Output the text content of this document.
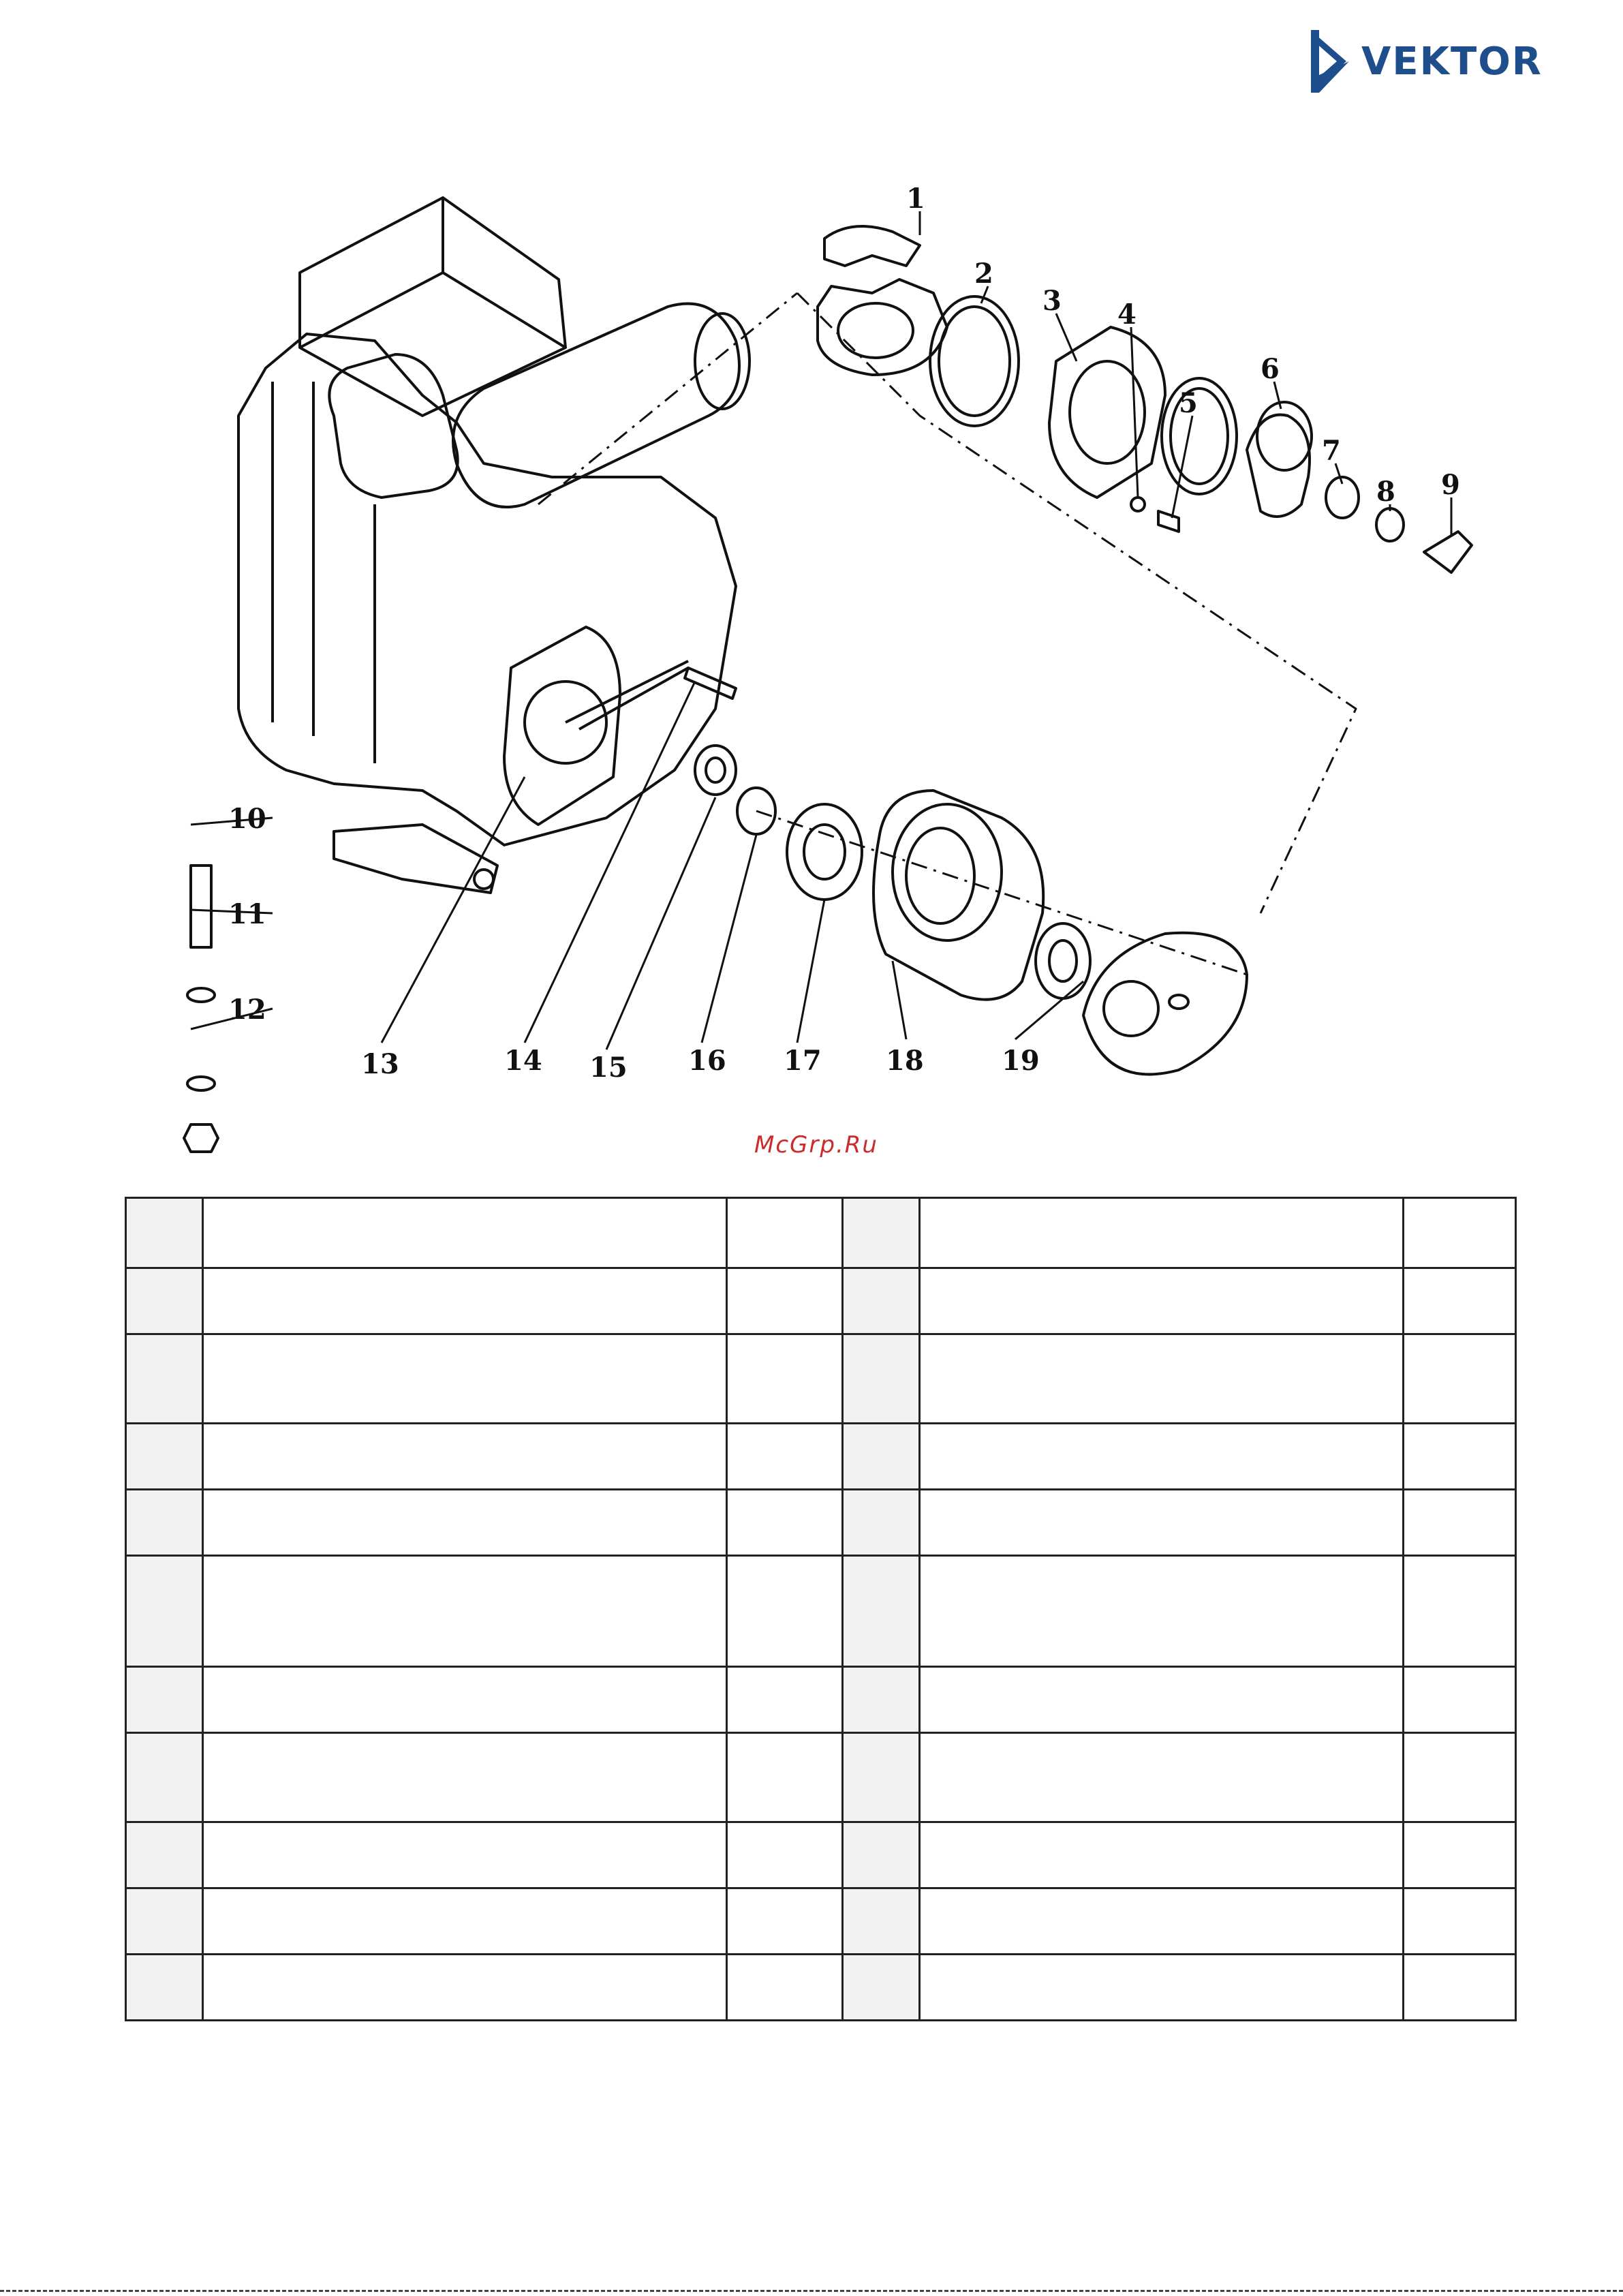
VEKTOR
1
2
3 4
5
6
7
8 9
10
11
12
13	14 15 16 17 18	19
McGrp.Ru
